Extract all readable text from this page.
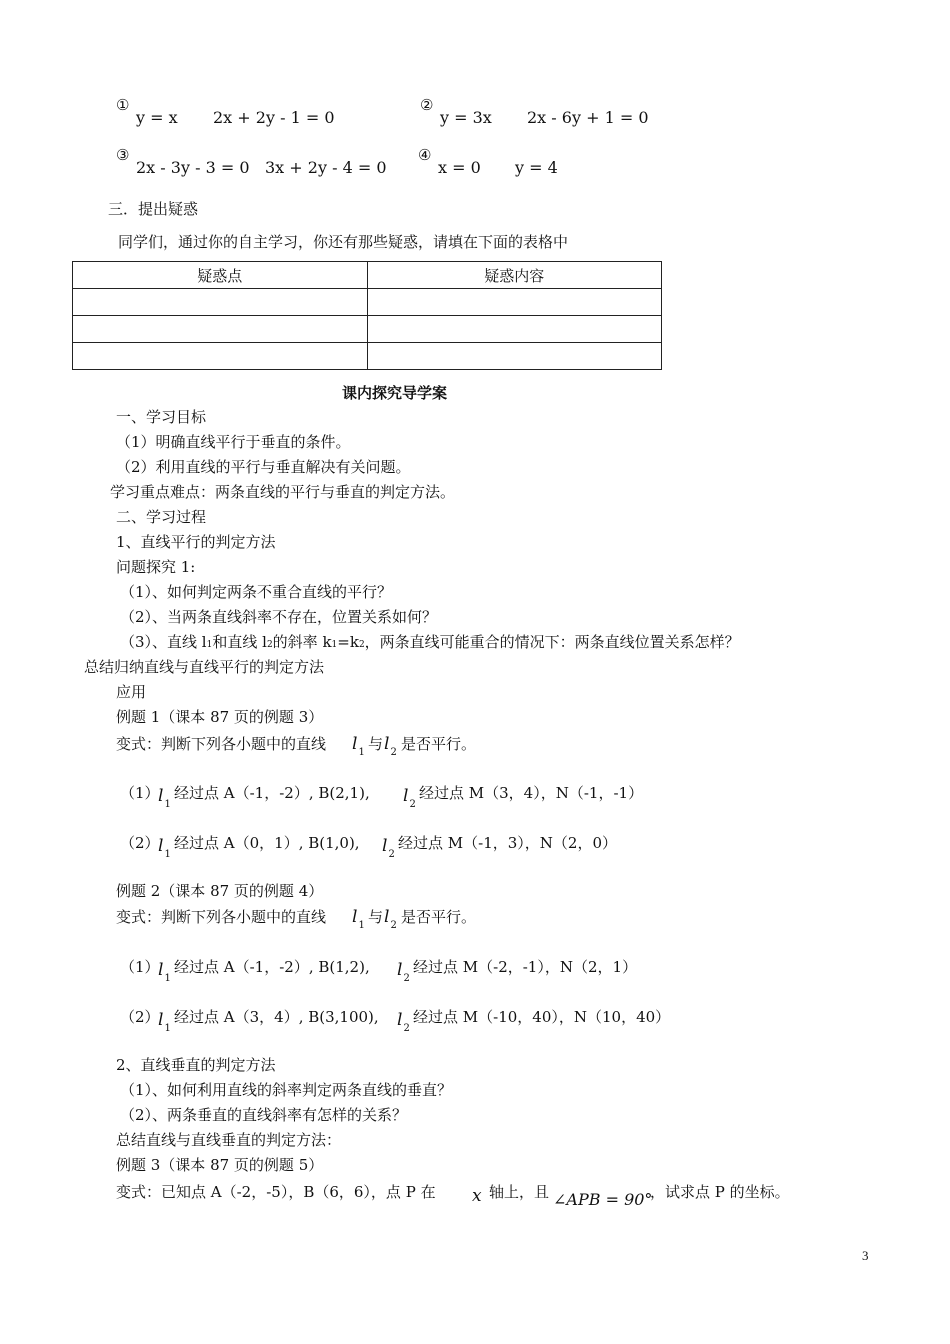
①
y = x 2x + 2y - 1 = 0
②
y = 3x 2x - 6y + 1 = 0
③
2x - 3y - 3 = 0 3x + 2y - 4 = 0
④
x = 0 y = 4
三．提出疑惑
同学们，通过你的自主学习，你还有那些疑惑，请填在下面的表格中
疑惑点	疑惑内容

课内探究导学案
一、学习目标
（1）明确直线平行于垂直的条件。
（2）利用直线的平行与垂直解决有关问题。
学习重点难点：两条直线的平行与垂直的判定方法。
二、学习过程
1、直线平行的判定方法
问题探究 1:
（1）、如何判定两条不重合直线的平行？
（2）、当两条直线斜率不存在，位置关系如何？
（3）、直线 l1和直线 l2的斜率 k1=k2，两条直线可能重合的情况下：两条直线位置关系怎样？
总结归纳直线与直线平行的判定方法
应用
例题 1（课本 87 页的例题 3）
变式：判断下列各小题中的直线 $l_1$ 与 $l_2$ 是否平行。
（1）
$l_1$
经过点 A（-1，-2）, B(2,1), $l_2$
经过点 M（3，4），N（-1，-1）
（2）
$l_1$
经过点 A（0，1）, B(1,0), $l_2$
经过点 M（-1，3），N（2，0）
例题 2（课本 87 页的例题 4）
变式：判断下列各小题中的直线 $l_1$ 与 $l_2$ 是否平行。
（1）
$l_1$
经过点 A（-1，-2）, B(1,2), $l_2$
经过点 M（-2，-1），N（2，1）
（2）
$l_1$
经过点 A（3，4）, B(3,100), $l_2$
经过点 M（-10，40），N（10，40）
2、直线垂直的判定方法
（1）、如何利用直线的斜率判定两条直线的垂直？
（2）、两条垂直的直线斜率有怎样的关系？
总结直线与直线垂直的判定方法：
例题 3（课本 87 页的例题 5）
变式：已知点 A（-2，-5），B（6，6），点 P 在 x 轴上，且 ∠APB = 90°
，试求点 P 的坐标。
3
